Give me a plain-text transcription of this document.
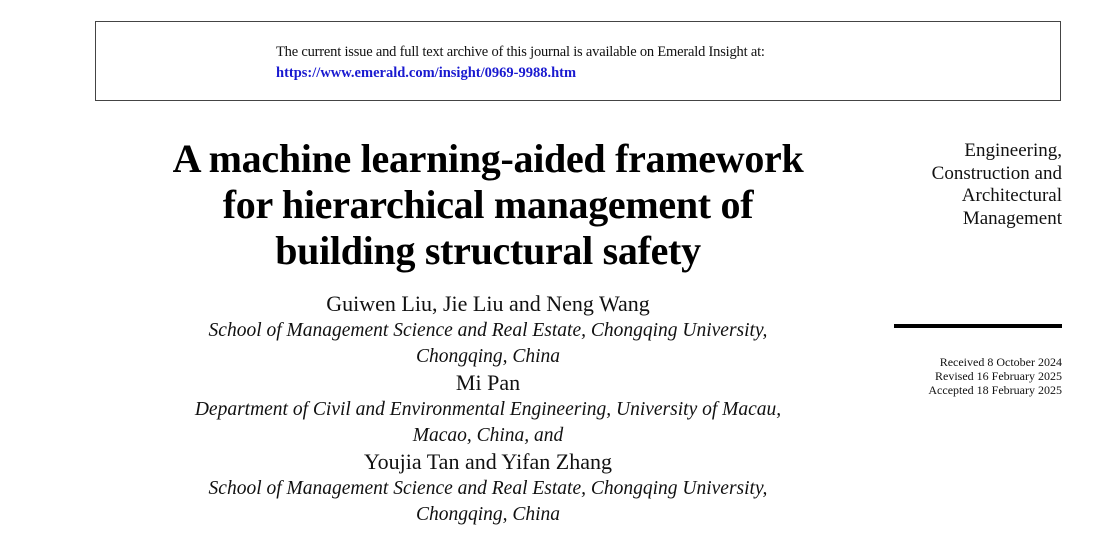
The current issue and full text archive of this journal is available on Emerald Insight at:
https://www.emerald.com/insight/0969-9988.htm
A machine learning-aided framework
for hierarchical management of
building structural safety
Engineering,
Construction and
Architectural
Management
Received 8 October 2024
Revised 16 February 2025
Accepted 18 February 2025
Guiwen Liu, Jie Liu and Neng Wang
School of Management Science and Real Estate, Chongqing University,
Chongqing, China
Mi Pan
Department of Civil and Environmental Engineering, University of Macau,
Macao, China, and
Youjia Tan and Yifan Zhang
School of Management Science and Real Estate, Chongqing University,
Chongqing, China
